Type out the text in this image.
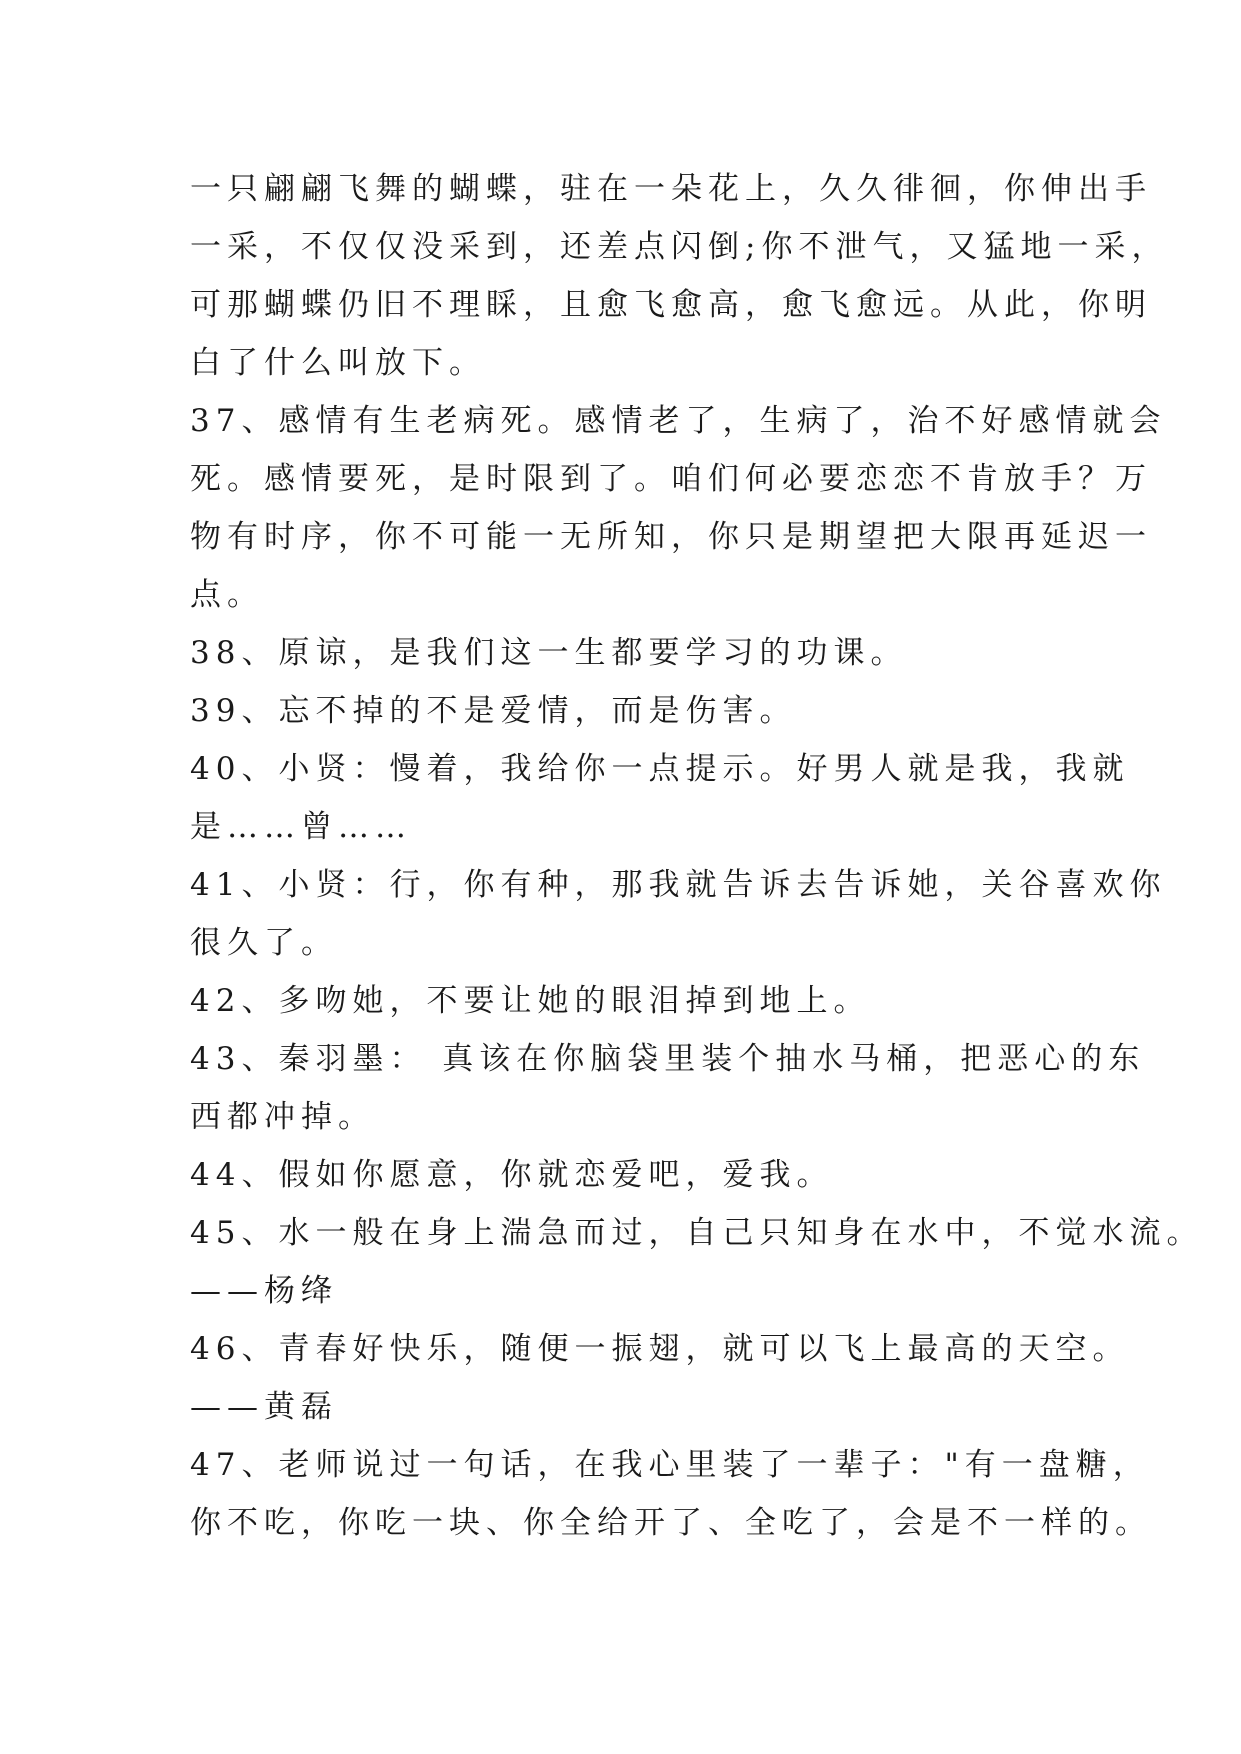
一只翩翩飞舞的蝴蝶，驻在一朵花上，久久徘徊，你伸出手
一采，不仅仅没采到，还差点闪倒;你不泄气，又猛地一采，
可那蝴蝶仍旧不理睬，且愈飞愈高，愈飞愈远。从此，你明
白了什么叫放下。
37、感情有生老病死。感情老了，生病了，治不好感情就会
死。感情要死，是时限到了。咱们何必要恋恋不肯放手？万
物有时序，你不可能一无所知，你只是期望把大限再延迟一
点。
38、原谅，是我们这一生都要学习的功课。
39、忘不掉的不是爱情，而是伤害。
40、小贤：慢着，我给你一点提示。好男人就是我，我就
是……曾……
41、小贤：行，你有种，那我就告诉去告诉她，关谷喜欢你
很久了。
42、多吻她，不要让她的眼泪掉到地上。
43、秦羽墨： 真该在你脑袋里装个抽水马桶，把恶心的东
西都冲掉。
44、假如你愿意，你就恋爱吧，爱我。
45、水一般在身上湍急而过，自己只知身在水中，不觉水流。
——杨绛
46、青春好快乐，随便一振翅，就可以飞上最高的天空。
——黄磊
47、老师说过一句话，在我心里装了一辈子："有一盘糖，
你不吃，你吃一块、你全给开了、全吃了，会是不一样的。
